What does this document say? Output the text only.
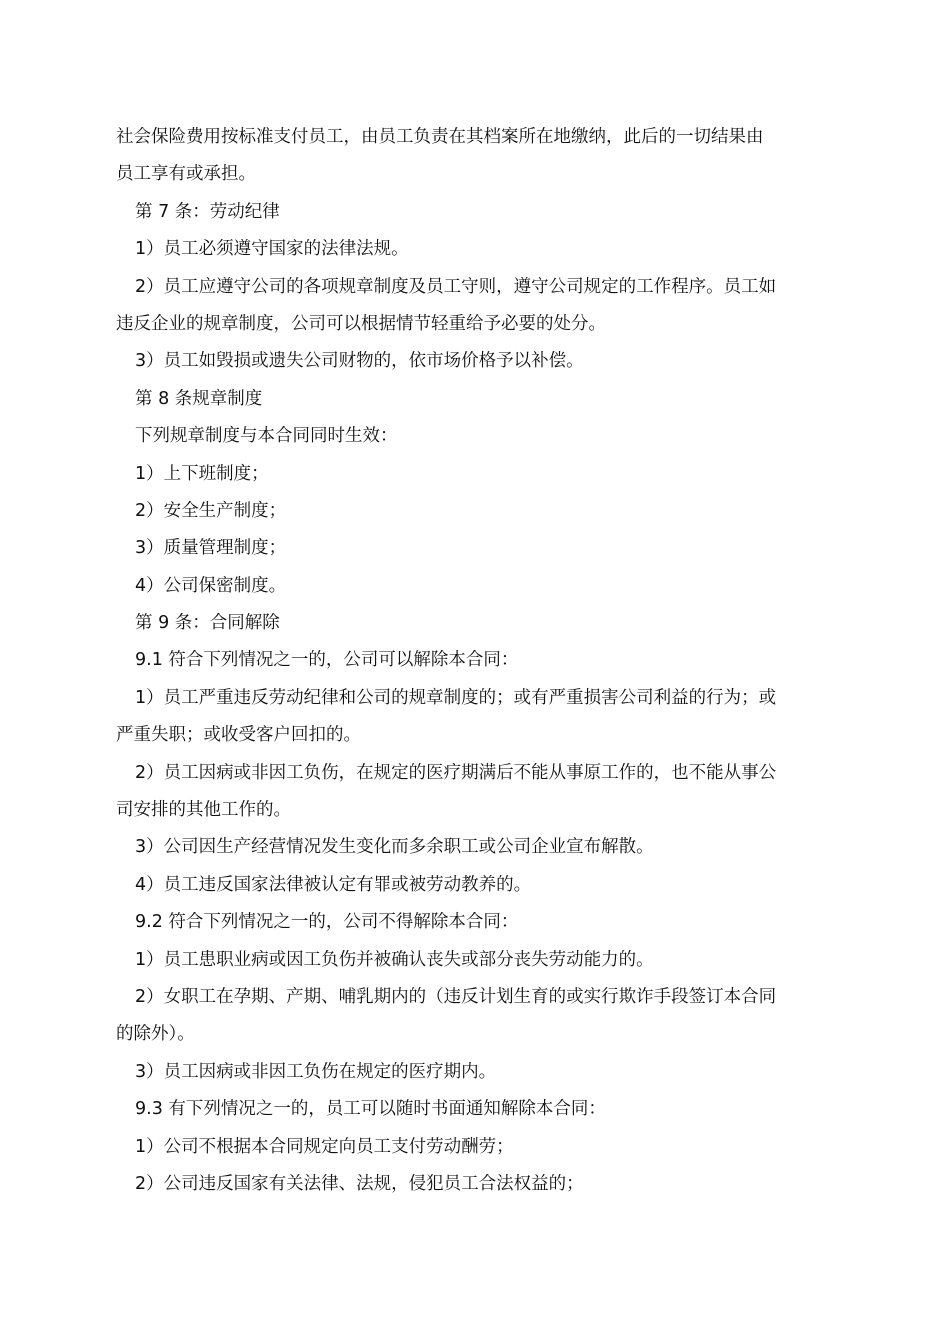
社会保险费用按标准支付员工，由员工负责在其档案所在地缴纳，此后的一切结果由
员工享有或承担。
第 7 条：劳动纪律
1）员工必须遵守国家的法律法规。
2）员工应遵守公司的各项规章制度及员工守则，遵守公司规定的工作程序。员工如
违反企业的规章制度，公司可以根据情节轻重给予必要的处分。
3）员工如毁损或遗失公司财物的，依市场价格予以补偿。
第 8 条规章制度
下列规章制度与本合同同时生效：
1）上下班制度；
2）安全生产制度；
3）质量管理制度；
4）公司保密制度。
第 9 条：合同解除
9.1 符合下列情况之一的，公司可以解除本合同：
1）员工严重违反劳动纪律和公司的规章制度的；或有严重损害公司利益的行为；或
严重失职；或收受客户回扣的。
2）员工因病或非因工负伤，在规定的医疗期满后不能从事原工作的，也不能从事公
司安排的其他工作的。
3）公司因生产经营情况发生变化而多余职工或公司企业宣布解散。
4）员工违反国家法律被认定有罪或被劳动教养的。
9.2 符合下列情况之一的，公司不得解除本合同：
1）员工患职业病或因工负伤并被确认丧失或部分丧失劳动能力的。
2）女职工在孕期、产期、哺乳期内的（违反计划生育的或实行欺诈手段签订本合同
的除外）。
3）员工因病或非因工负伤在规定的医疗期内。
9.3 有下列情况之一的，员工可以随时书面通知解除本合同：
1）公司不根据本合同规定向员工支付劳动酬劳；
2）公司违反国家有关法律、法规，侵犯员工合法权益的；
